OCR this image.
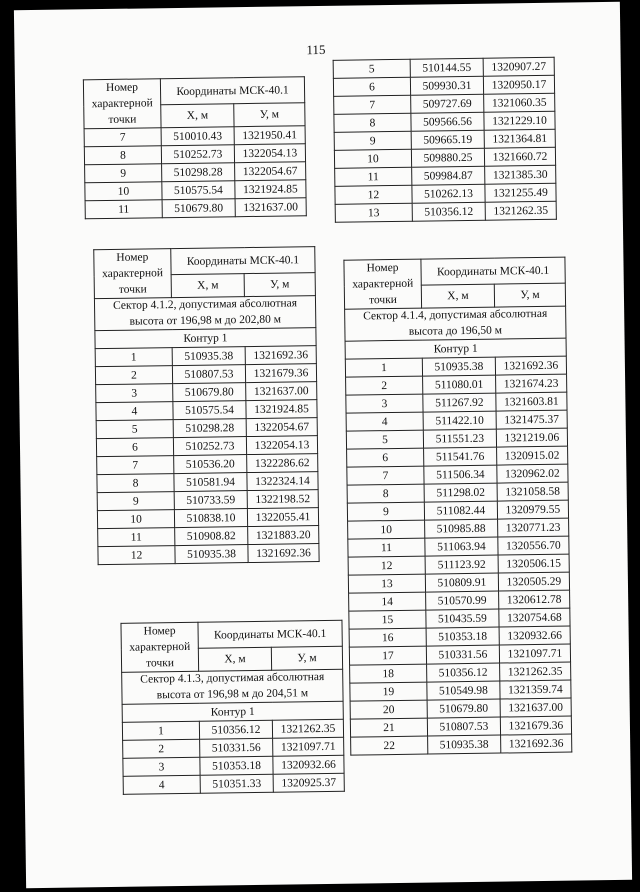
115
Номер характерной точки	Координаты МСК-40.1	
	Х, м	У, м
7	510010.43	1321950.41
8	510252.73	1322054.13
9	510298.28	1322054.67
10	510575.54	1321924.85
11	510679.80	1321637.00
5	510144.55	1320907.27
6	509930.31	1320950.17
7	509727.69	1321060.35
8	509566.56	1321229.10
9	509665.19	1321364.81
10	509880.25	1321660.72
11	509984.87	1321385.30
12	510262.13	1321255.49
13	510356.12	1321262.35
Номер характерной точки	Координаты МСК-40.1	
	Х, м	У, м
Сектор 4.1.2, допустимая абсолютная высота от 196,98 м до 202,80 м		
Контур 1		
1	510935.38	1321692.36
2	510807.53	1321679.36
3	510679.80	1321637.00
4	510575.54	1321924.85
5	510298.28	1322054.67
6	510252.73	1322054.13
7	510536.20	1322286.62
8	510581.94	1322324.14
9	510733.59	1322198.52
10	510838.10	1322055.41
11	510908.82	1321883.20
12	510935.38	1321692.36
Номер характерной точки	Координаты МСК-40.1	
	Х, м	У, м
Сектор 4.1.4, допустимая абсолютная высота до 196,50 м		
Контур 1		
1	510935.38	1321692.36
2	511080.01	1321674.23
3	511267.92	1321603.81
4	511422.10	1321475.37
5	511551.23	1321219.06
6	511541.76	1320915.02
7	511506.34	1320962.02
8	511298.02	1321058.58
9	511082.44	1320979.55
10	510985.88	1320771.23
11	511063.94	1320556.70
12	511123.92	1320506.15
13	510809.91	1320505.29
14	510570.99	1320612.78
15	510435.59	1320754.68
16	510353.18	1320932.66
17	510331.56	1321097.71
18	510356.12	1321262.35
19	510549.98	1321359.74
20	510679.80	1321637.00
21	510807.53	1321679.36
22	510935.38	1321692.36
Номер характерной точки	Координаты МСК-40.1	
	Х, м	У, м
Сектор 4.1.3, допустимая абсолютная высота от 196,98 м до 204,51 м		
Контур 1		
1	510356.12	1321262.35
2	510331.56	1321097.71
3	510353.18	1320932.66
4	510351.33	1320925.37
